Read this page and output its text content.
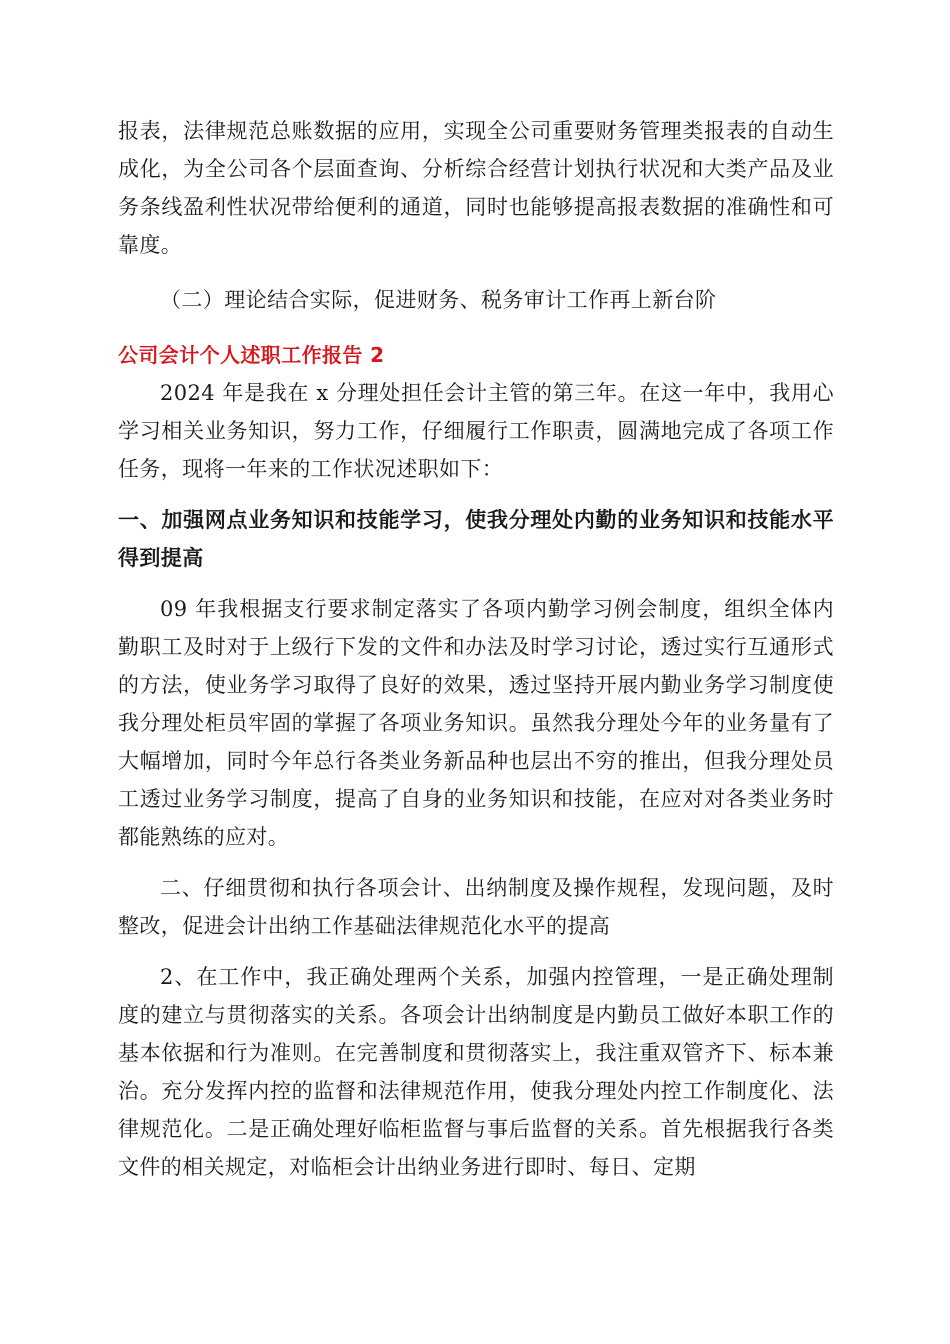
报表，法律规范总账数据的应用，实现全公司重要财务管理类报表的自动生成化，为全公司各个层面查询、分析综合经营计划执行状况和大类产品及业务条线盈利性状况带给便利的通道，同时也能够提高报表数据的准确性和可靠度。

（二）理论结合实际，促进财务、税务审计工作再上新台阶

公司会计个人述职工作报告 2

2024 年是我在 x 分理处担任会计主管的第三年。在这一年中，我用心学习相关业务知识，努力工作，仔细履行工作职责，圆满地完成了各项工作任务，现将一年来的工作状况述职如下：

一、加强网点业务知识和技能学习，使我分理处内勤的业务知识和技能水平得到提高

09 年我根据支行要求制定落实了各项内勤学习例会制度，组织全体内勤职工及时对于上级行下发的文件和办法及时学习讨论，透过实行互通形式的方法，使业务学习取得了良好的效果，透过坚持开展内勤业务学习制度使我分理处柜员牢固的掌握了各项业务知识。虽然我分理处今年的业务量有了大幅增加，同时今年总行各类业务新品种也层出不穷的推出，但我分理处员工透过业务学习制度，提高了自身的业务知识和技能，在应对对各类业务时都能熟练的应对。

二、仔细贯彻和执行各项会计、出纳制度及操作规程，发现问题，及时整改，促进会计出纳工作基础法律规范化水平的提高

2、在工作中，我正确处理两个关系，加强内控管理，一是正确处理制度的建立与贯彻落实的关系。各项会计出纳制度是内勤员工做好本职工作的基本依据和行为准则。在完善制度和贯彻落实上，我注重双管齐下、标本兼治。充分发挥内控的监督和法律规范作用，使我分理处内控工作制度化、法律规范化。二是正确处理好临柜监督与事后监督的关系。首先根据我行各类文件的相关规定，对临柜会计出纳业务进行即时、每日、定期
